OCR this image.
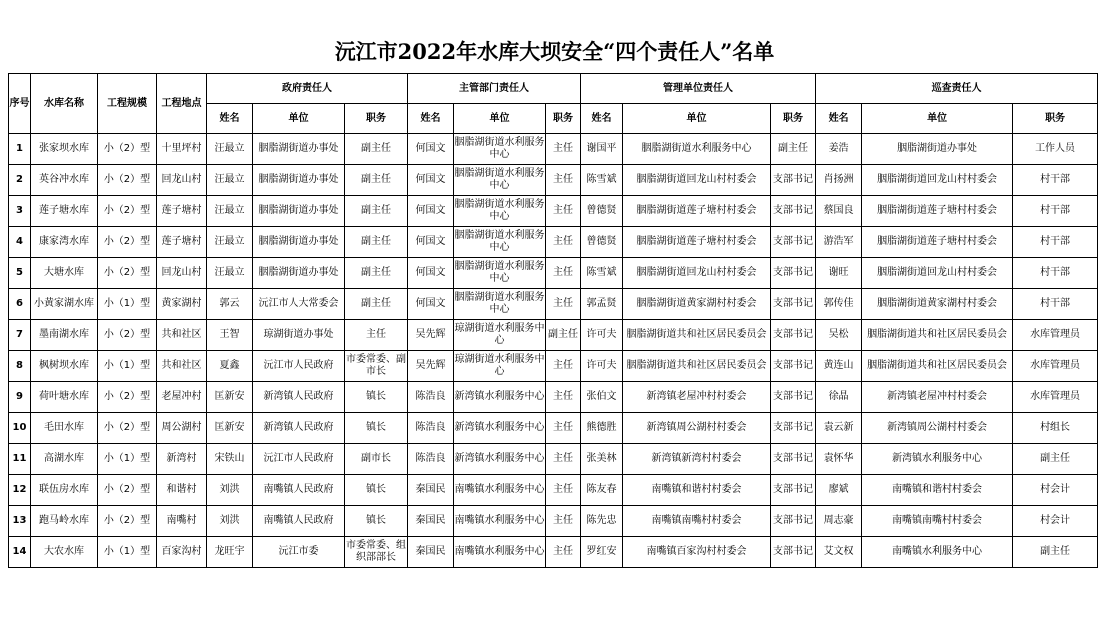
沅江市2022年水库大坝安全“四个责任人”名单
序号	水库名称	工程规模	工程地点	政府责任人			主管部门责任人			管理单位责任人			巡查责任人		
				姓名	单位	职务	姓名	单位	职务	姓名	单位	职务	姓名	单位	职务
1	张家坝水库	小（2）型	十里坪村	汪最立	胭脂湖街道办事处	副主任	何国文	胭脂湖街道水利服务中心	主任	谢国平	胭脂湖街道水利服务中心	副主任	姜浩	胭脂湖街道办事处	工作人员
2	英谷冲水库	小（2）型	回龙山村	汪最立	胭脂湖街道办事处	副主任	何国文	胭脂湖街道水利服务中心	主任	陈雪斌	胭脂湖街道回龙山村村委会	支部书记	肖扬洲	胭脂湖街道回龙山村村委会	村干部
3	莲子塘水库	小（2）型	莲子塘村	汪最立	胭脂湖街道办事处	副主任	何国文	胭脂湖街道水利服务中心	主任	曾德贤	胭脂湖街道莲子塘村村委会	支部书记	蔡国良	胭脂湖街道莲子塘村村委会	村干部
4	康家湾水库	小（2）型	莲子塘村	汪最立	胭脂湖街道办事处	副主任	何国文	胭脂湖街道水利服务中心	主任	曾德贤	胭脂湖街道莲子塘村村委会	支部书记	游浩军	胭脂湖街道莲子塘村村委会	村干部
5	大塘水库	小（2）型	回龙山村	汪最立	胭脂湖街道办事处	副主任	何国文	胭脂湖街道水利服务中心	主任	陈雪斌	胭脂湖街道回龙山村村委会	支部书记	谢旺	胭脂湖街道回龙山村村委会	村干部
6	小黄家湖水库	小（1）型	黄家湖村	郭云	沅江市人大常委会	副主任	何国文	胭脂湖街道水利服务中心	主任	郭孟贤	胭脂湖街道黄家湖村村委会	支部书记	郭传佳	胭脂湖街道黄家湖村村委会	村干部
7	墨南湖水库	小（2）型	共和社区	王智	琼湖街道办事处	主任	吴先辉	琼湖街道水利服务中心	副主任	许可夫	胭脂湖街道共和社区居民委员会	支部书记	吴松	胭脂湖街道共和社区居民委员会	水库管理员
8	枫树坝水库	小（1）型	共和社区	夏鑫	沅江市人民政府	市委常委、副市长	吴先辉	琼湖街道水利服务中心	主任	许可夫	胭脂湖街道共和社区居民委员会	支部书记	黄连山	胭脂湖街道共和社区居民委员会	水库管理员
9	荷叶塘水库	小（2）型	老屋冲村	匡新安	新湾镇人民政府	镇长	陈浩良	新湾镇水利服务中心	主任	张伯文	新湾镇老屋冲村村委会	支部书记	徐晶	新湾镇老屋冲村村委会	水库管理员
10	毛田水库	小（2）型	周公湖村	匡新安	新湾镇人民政府	镇长	陈浩良	新湾镇水利服务中心	主任	熊德胜	新湾镇周公湖村村委会	支部书记	袁云新	新湾镇周公湖村村委会	村组长
11	高湖水库	小（1）型	新湾村	宋铁山	沅江市人民政府	副市长	陈浩良	新湾镇水利服务中心	主任	张美林	新湾镇新湾村村委会	支部书记	袁怀华	新湾镇水利服务中心	副主任
12	联伍房水库	小（2）型	和谐村	刘洪	南嘴镇人民政府	镇长	秦国民	南嘴镇水利服务中心	主任	陈友春	南嘴镇和谐村村委会	支部书记	廖斌	南嘴镇和谐村村委会	村会计
13	跑马岭水库	小（2）型	南嘴村	刘洪	南嘴镇人民政府	镇长	秦国民	南嘴镇水利服务中心	主任	陈先忠	南嘴镇南嘴村村委会	支部书记	周志豪	南嘴镇南嘴村村委会	村会计
14	大农水库	小（1）型	百家沟村	龙旺宇	沅江市委	市委常委、组织部部长	秦国民	南嘴镇水利服务中心	主任	罗红安	南嘴镇百家沟村村委会	支部书记	艾文权	南嘴镇水利服务中心	副主任
